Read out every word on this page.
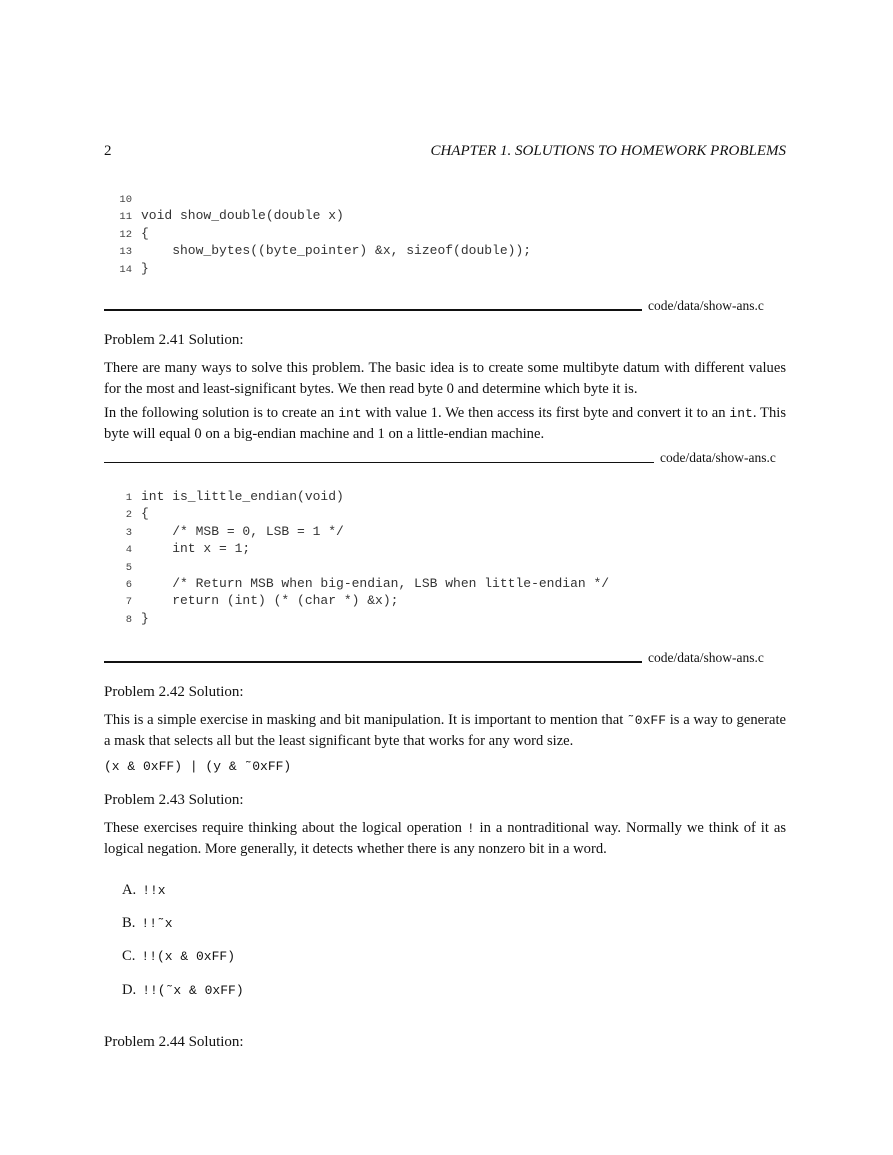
2	CHAPTER 1. SOLUTIONS TO HOMEWORK PROBLEMS
10
11 void show_double(double x)
12 {
13    show_bytes((byte_pointer) &x, sizeof(double));
14 }
code/data/show-ans.c
Problem 2.41 Solution:
There are many ways to solve this problem. The basic idea is to create some multibyte datum with different values for the most and least-significant bytes. We then read byte 0 and determine which byte it is.
In the following solution is to create an int with value 1. We then access its first byte and convert it to an int. This byte will equal 0 on a big-endian machine and 1 on a little-endian machine.
code/data/show-ans.c
1 int is_little_endian(void)
2 {
3    /* MSB = 0, LSB = 1 */
4    int x = 1;
5
6    /* Return MSB when big-endian, LSB when little-endian */
7    return (int) (* (char *) &x);
8 }
code/data/show-ans.c
Problem 2.42 Solution:
This is a simple exercise in masking and bit manipulation. It is important to mention that ˜0xFF is a way to generate a mask that selects all but the least significant byte that works for any word size.
(x & 0xFF) | (y & ˜0xFF)
Problem 2.43 Solution:
These exercises require thinking about the logical operation ! in a nontraditional way. Normally we think of it as logical negation. More generally, it detects whether there is any nonzero bit in a word.
A. !!x
B. !!˜x
C. !!(x & 0xFF)
D. !!(˜x & 0xFF)
Problem 2.44 Solution:
